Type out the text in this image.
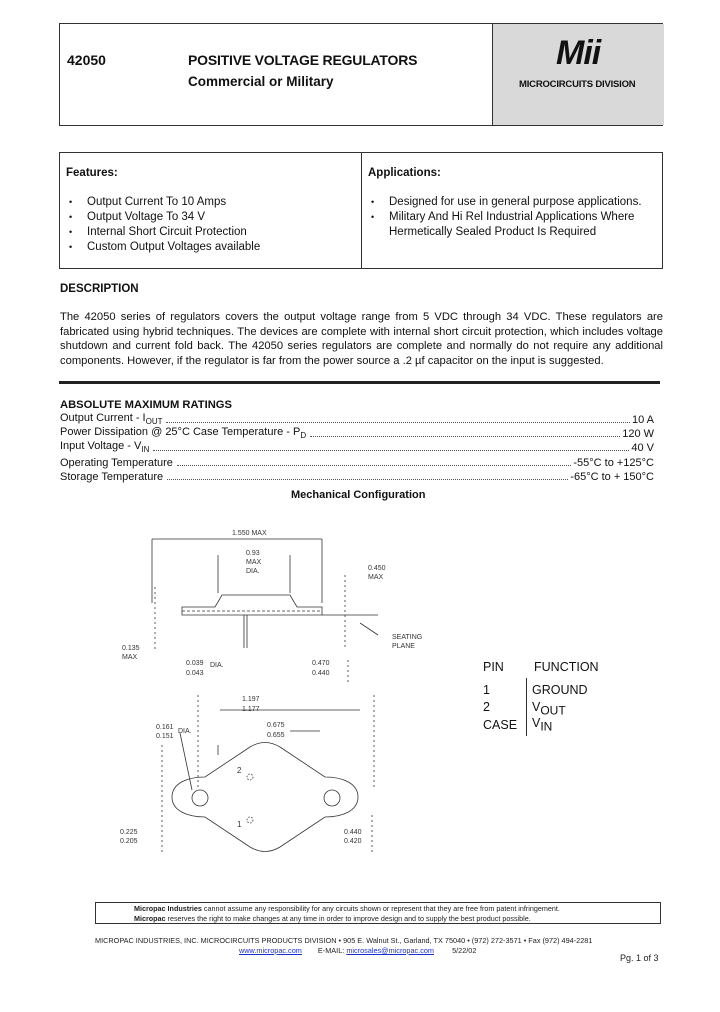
42050	POSITIVE VOLTAGE REGULATORS
Commercial or Military
Mii
MICROCIRCUITS DIVISION
Features:
• Output Current To 10 Amps
• Output Voltage To 34 V
• Internal Short Circuit Protection
• Custom Output Voltages available
Applications:
• Designed for use in general purpose applications.
• Military And Hi Rel Industrial Applications Where
Hermetically Sealed Product Is Required
DESCRIPTION
The 42050 series of regulators covers the output voltage range from 5 VDC through 34 VDC. These regulators are fabricated using hybrid techniques. The devices are complete with internal short circuit protection, which includes voltage shutdown and current fold back. The 42050 series regulators are complete and normally do not require any additional components. However, if the regulator is far from the power source a .2 µf capacitor on the input is suggested.
ABSOLUTE MAXIMUM RATINGS
Output Current - $I_{OUT}$	10 A
Power Dissipation @ 25°C Case Temperature - $P_D$	120 W
Input Voltage - $V_{IN}$	40 V
Operating Temperature	-55°C to +125°C
Storage Temperature	-65°C to + 150°C
Mechanical Configuration
1.550 MAX
0.93
MAX
DIA.	0.450
MAX
0.135
MAX
SEATING
PLANE
0.039
0.043
DIA.	0.470
0.440
1.197
1.177
0.161
0.151
DIA.
0.675
0.655
0.225
0.205
0.440
0.420
2
1
PIN FUNCTION
1	GROUND
2	$V_{OUT}$
CASE $V_{IN}$
Micropac Industries cannot assume any responsibility for any circuits shown or represent that they are free from patent infringement.
Micropac reserves the right to make changes at any time in order to improve design and to supply the best product possible.
MICROPAC INDUSTRIES, INC. MICROCIRCUITS PRODUCTS DIVISION • 905 E. Walnut St., Garland, TX 75040 • (972) 272-3571 • Fax (972) 494-2281
www.micropac.com E-MAIL: microsales@micropac.com 5/22/02
Pg. 1 of 3
